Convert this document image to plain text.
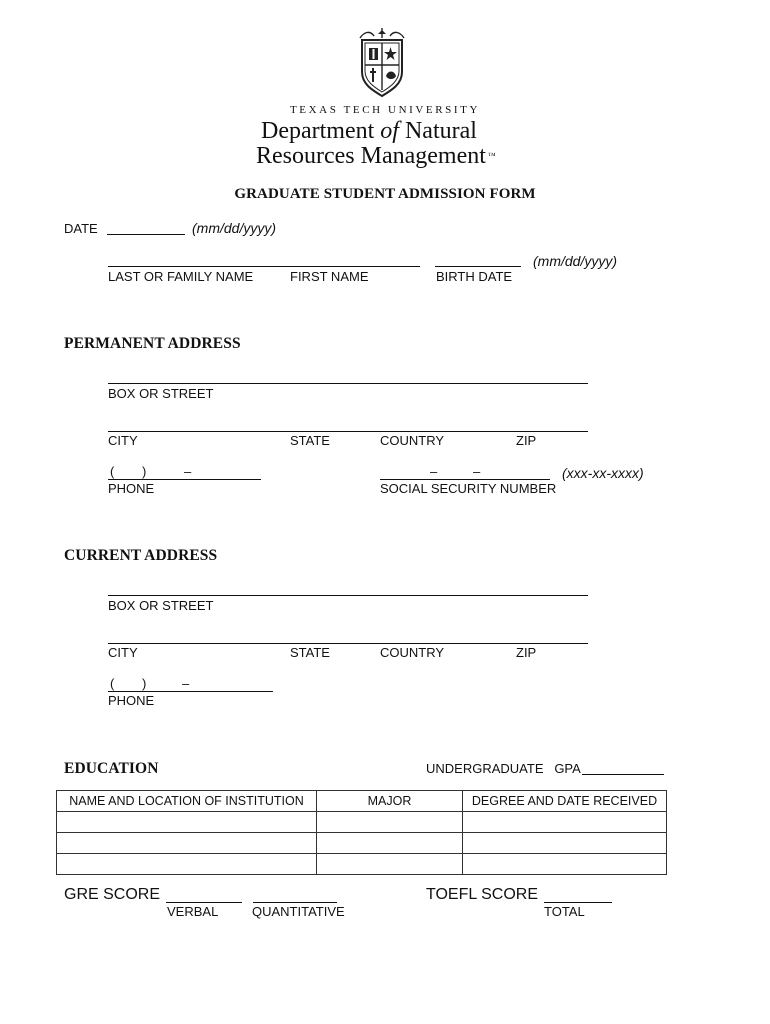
TEXAS TECH UNIVERSITY
Department of Natural
Resources Management ™
GRADUATE STUDENT ADMISSION FORM
DATE	(mm/dd/yyyy)
(mm/dd/yyyy)
LAST OR FAMILY NAME	FIRST NAME	BIRTH DATE
PERMANENT ADDRESS
BOX OR STREET
CITY	STATE	COUNTRY	ZIP
( )	–
PHONE
–	–	(xxx-xx-xxxx)
SOCIAL SECURITY NUMBER
CURRENT ADDRESS
BOX OR STREET
CITY	STATE	COUNTRY	ZIP
( )	–
PHONE
EDUCATION	UNDERGRADUATE   GPA
NAME AND LOCATION OF INSTITUTION	MAJOR	DEGREE AND DATE RECEIVED

GRE SCORE
VERBAL	QUANTITATIVE
TOEFL SCORE
TOTAL
